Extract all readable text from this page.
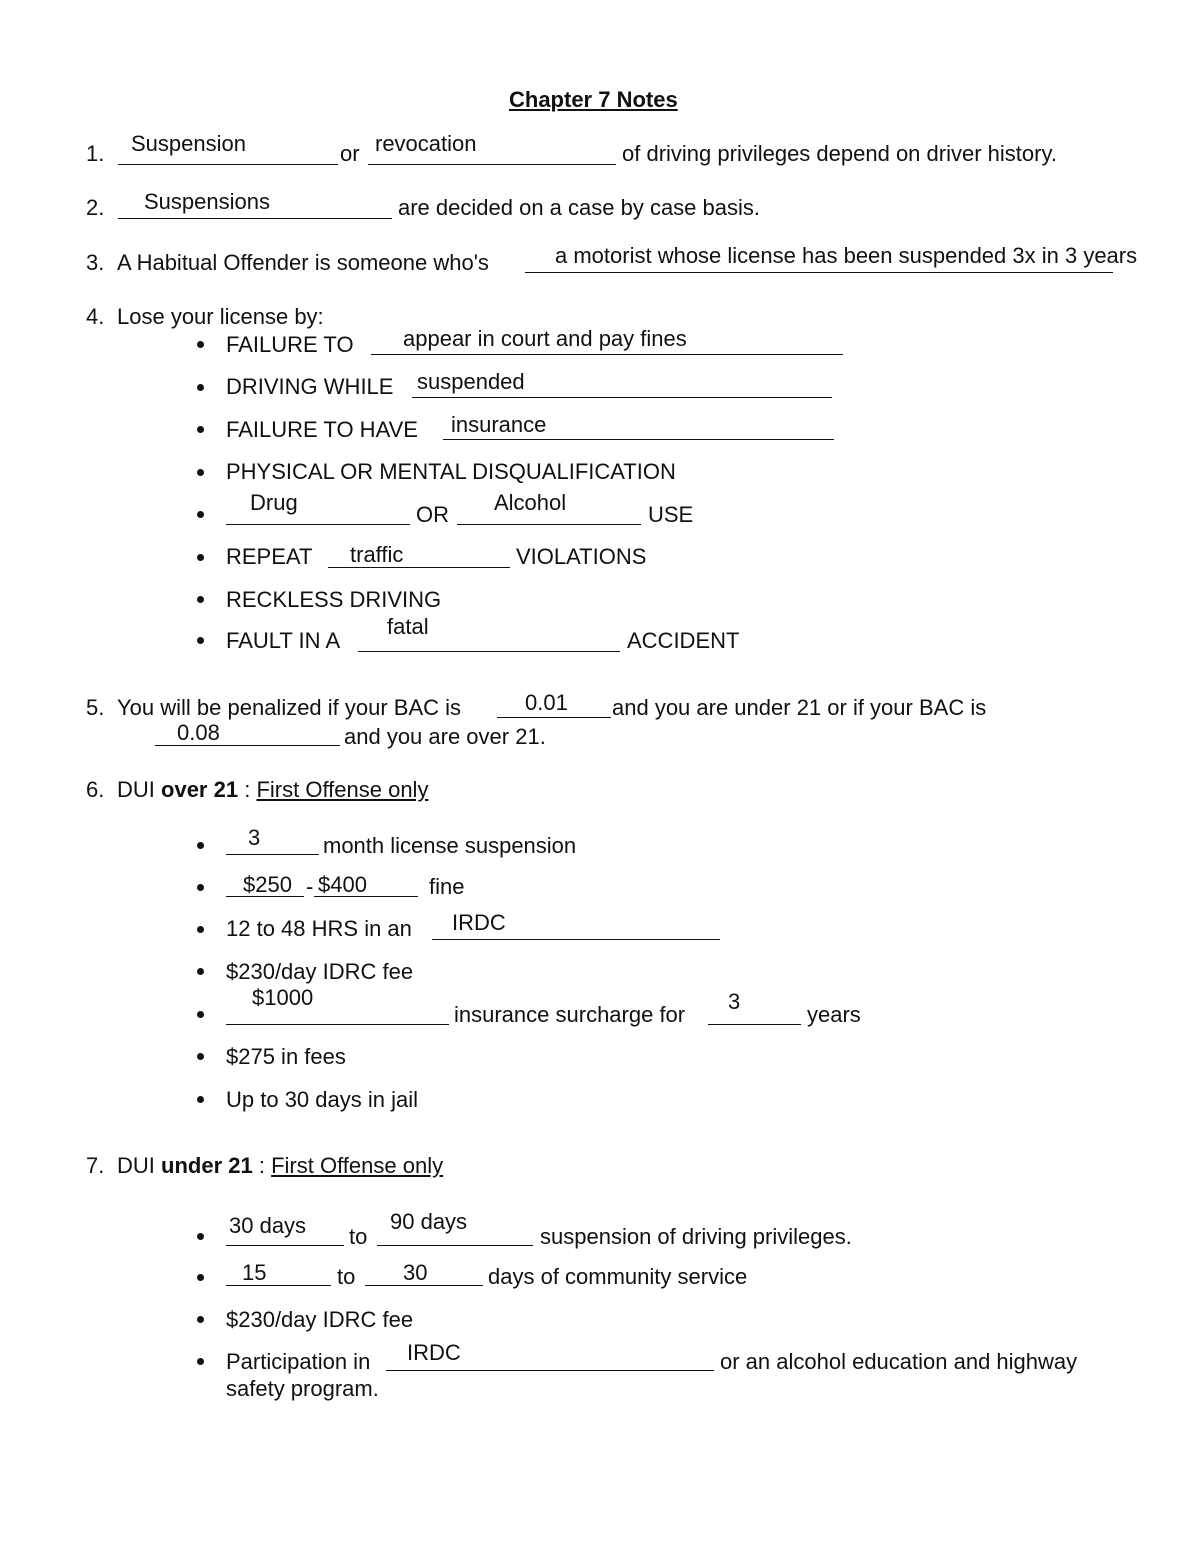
Chapter 7 Notes
1. Suspension	or revocation	of driving privileges depend on driver history.
2. Suspensions	are decided on a case by case basis.
3. A Habitual Offender is someone who's	a motorist whose license has been suspended 3x in 3 years
4. Lose your license by:
FAILURE TO appear in court and pay fines
DRIVING WHILE suspended
FAILURE TO HAVE insurance
PHYSICAL OR MENTAL DISQUALIFICATION
Drug	OR Alcohol	USE
REPEAT traffic	VIOLATIONS
RECKLESS DRIVING
FAULT IN A
fatal
ACCIDENT
5. You will be penalized if your BAC is	0.01 and you are under 21 or if your BAC is
0.08	and you are over 21.
6. DUI over 21 : First Offense only
3	month license suspension
$250 - $400	fine
12 to 48 HRS in an IRDC
$230/day IDRC fee
$1000
insurance surcharge for
3
years
$275 in fees
Up to 30 days in jail
7. DUI under 21 : First Offense only
30 days to
90 days
suspension of driving privileges.
15	to 30	days of community service
$230/day IDRC fee
Participation in IRDC	or an alcohol education and highway
safety program.
